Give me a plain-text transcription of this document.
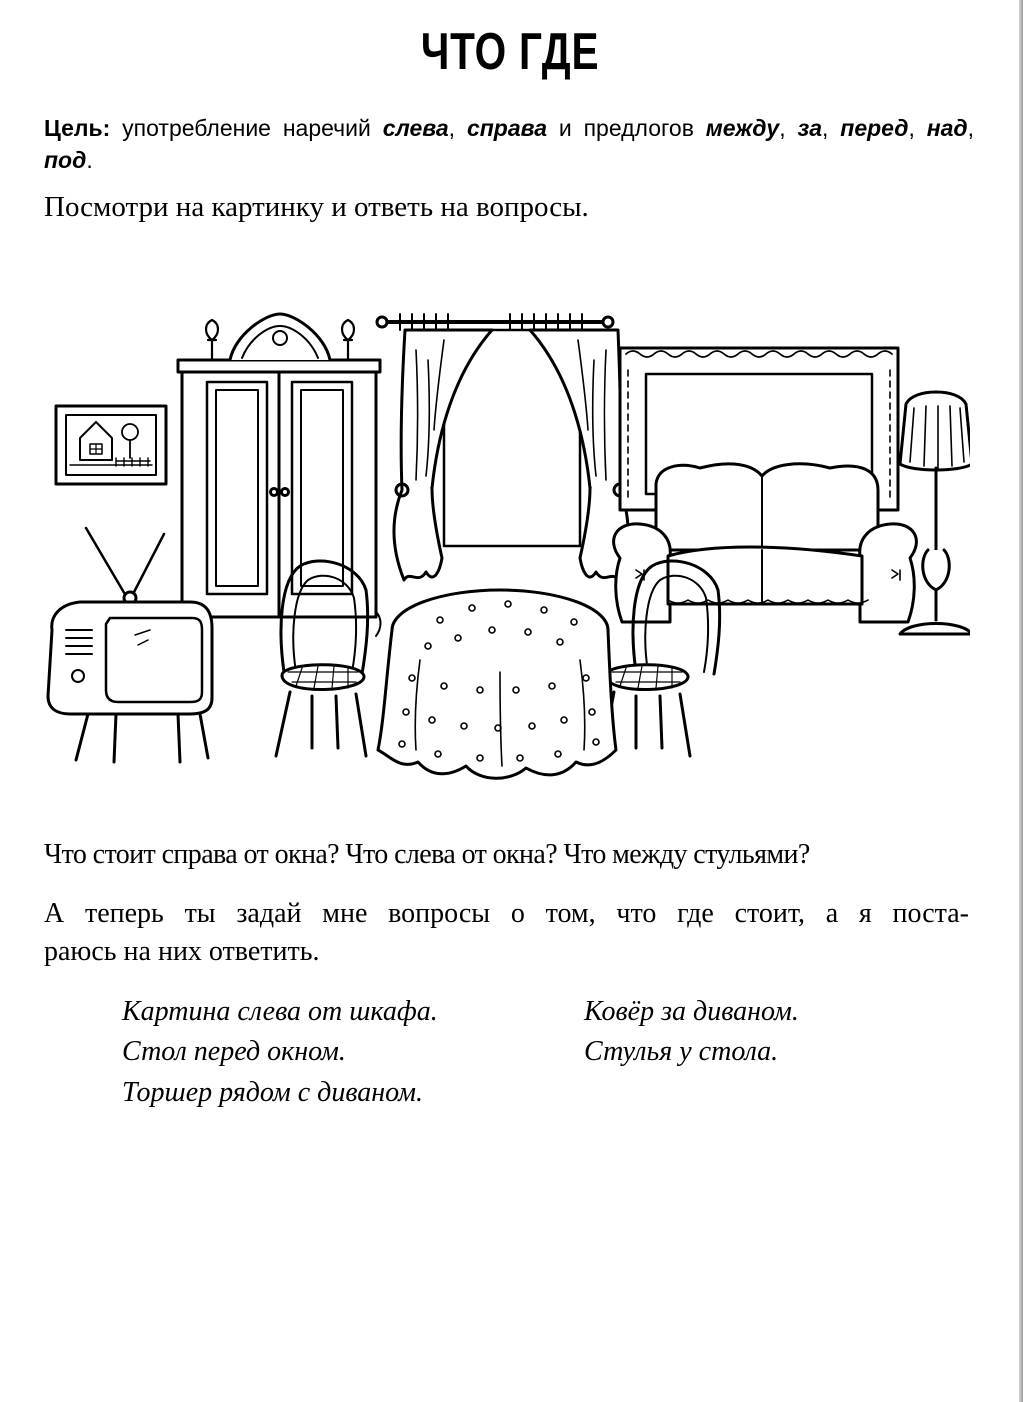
ЧТО ГДЕ
Цель: употребление наречий слева, справа и предлогов между, за, перед, над, под.
Посмотри на картинку и ответь на вопросы.
Что стоит справа от окна? Что слева от окна? Что между стульями?
А теперь ты задай мне вопросы о том, что где стоит, а я поста-
раюсь на них ответить.
Картина слева от шкафа.
Стол перед окном.
Торшер рядом с диваном.
Ковёр за диваном.
Стулья у стола.
